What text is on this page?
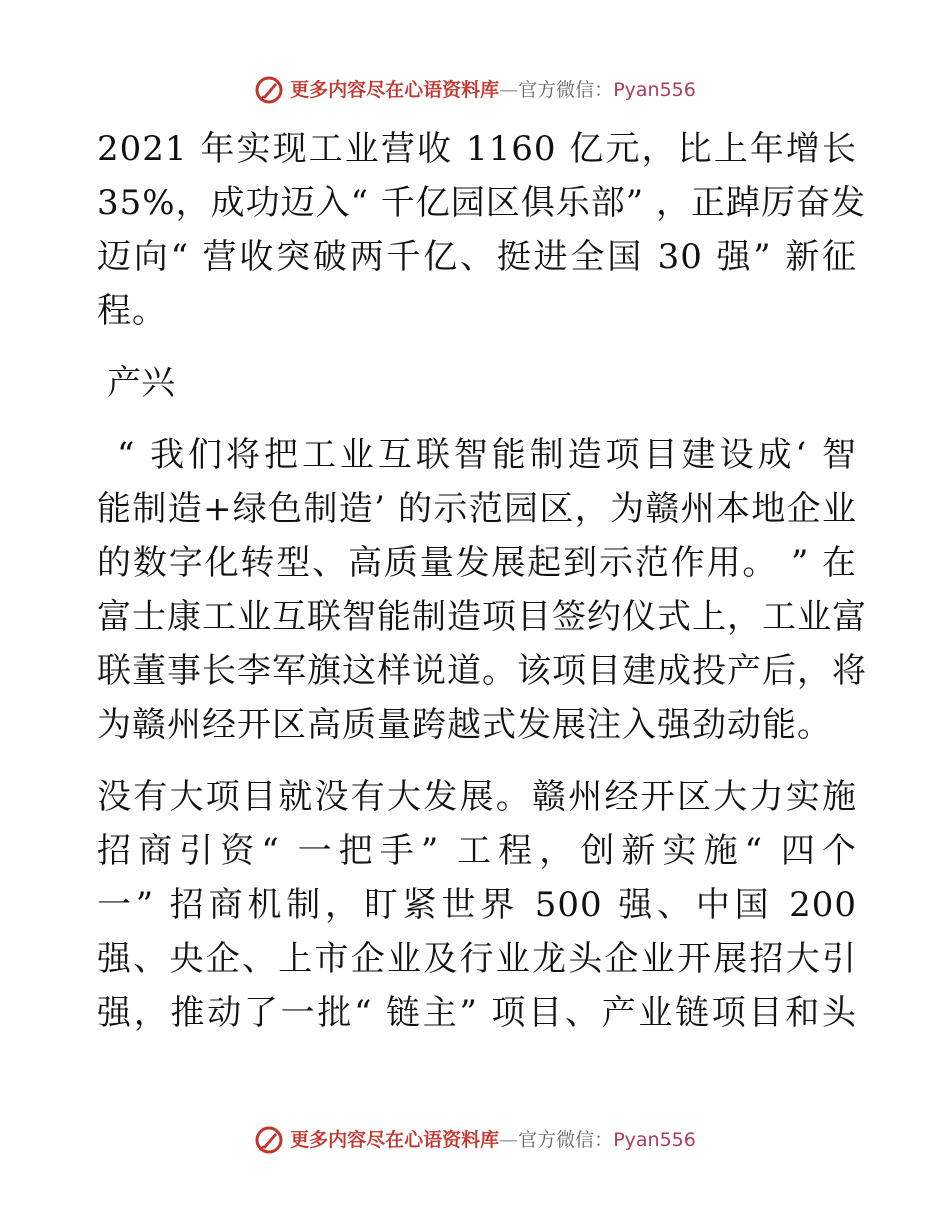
更多内容尽在心语资料库 — 官方微信： Pyan556
2021 年实现工业营收 1160 亿元，比上年增长
35%，成功迈入“ 千亿园区俱乐部” ，正踔厉奋发
迈向“ 营收突破两千亿、挺进全国 30 强” 新征
程。
产兴
“ 我们将把工业互联智能制造项目建设成‘ 智
能制造+绿色制造’ 的示范园区，为赣州本地企业
的数字化转型、高质量发展起到示范作用。 ” 在
富士康工业互联智能制造项目签约仪式上，工业富
联董事长李军旗这样说道。该项目建成投产后，将
为赣州经开区高质量跨越式发展注入强劲动能。
没有大项目就没有大发展。赣州经开区大力实施
招商引资“ 一把手” 工程，创新实施“ 四个
一” 招商机制，盯紧世界 500 强、中国 200
强、央企、上市企业及行业龙头企业开展招大引
强，推动了一批“ 链主” 项目、产业链项目和头
更多内容尽在心语资料库 — 官方微信： Pyan556
